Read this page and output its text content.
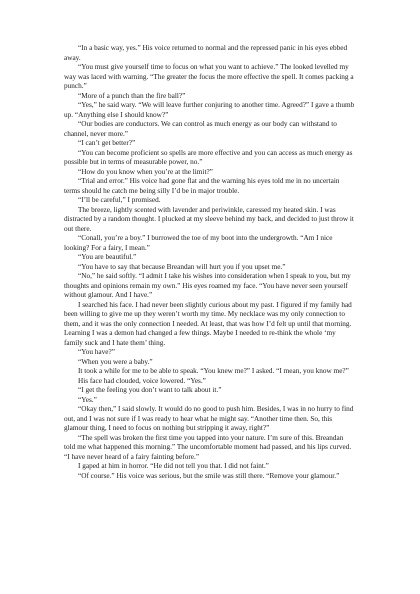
“In a basic way, yes.” His voice returned to normal and the repressed panic in his eyes ebbed away.

“You must give yourself time to focus on what you want to achieve.” The looked levelled my way was laced with warning. “The greater the focus the more effective the spell. It comes packing a punch.”

“More of a punch than the fire ball?”

“Yes,” he said wary. “We will leave further conjuring to another time. Agreed?” I gave a thumb up. “Anything else I should know?”

“Our bodies are conductors. We can control as much energy as our body can withstand to channel, never more.”

“I can’t get better?”

“You can become proficient so spells are more effective and you can access as much energy as possible but in terms of measurable power, no.”

“How do you know when you’re at the limit?”

“Trial and error.” His voice had gone flat and the warning his eyes told me in no uncertain terms should he catch me being silly I’d be in major trouble.

“I’ll be careful,” I promised.

The breeze, lightly scented with lavender and periwinkle, caressed my heated skin. I was distracted by a random thought. I plucked at my sleeve behind my back, and decided to just throw it out there.

“Conall, you’re a boy.” I burrowed the toe of my boot into the undergrowth. “Am I nice looking? For a fairy, I mean.”

“You are beautiful.”

“You have to say that because Breandan will hurt you if you upset me.”

“No,” he said softly. “I admit I take his wishes into consideration when I speak to you, but my thoughts and opinions remain my own.” His eyes roamed my face. “You have never seen yourself without glamour. And I have.”

I searched his face. I had never been slightly curious about my past. I figured if my family had been willing to give me up they weren’t worth my time. My necklace was my only connection to them, and it was the only connection I needed. At least, that was how I’d felt up until that morning. Learning I was a demon had changed a few things. Maybe I needed to re-think the whole ‘my family suck and I hate them’ thing.

“You have?”

“When you were a baby.”

It took a while for me to be able to speak. “You knew me?” I asked. “I mean, you know me?”

His face had clouded, voice lowered. “Yes.”

“I get the feeling you don’t want to talk about it.”

“Yes.”

“Okay then,” I said slowly. It would do no good to push him. Besides, I was in no hurry to find out, and I was not sure if I was ready to hear what he might say. “Another time then. So, this glamour thing, I need to focus on nothing but stripping it away, right?”

“The spell was broken the first time you tapped into your nature. I’m sure of this. Breandan told me what happened this morning.” The uncomfortable moment had passed, and his lips curved. “I have never heard of a fairy fainting before.”

I gaped at him in horror. “He did not tell you that. I did not faint.”

“Of course.” His voice was serious, but the smile was still there. “Remove your glamour.”
